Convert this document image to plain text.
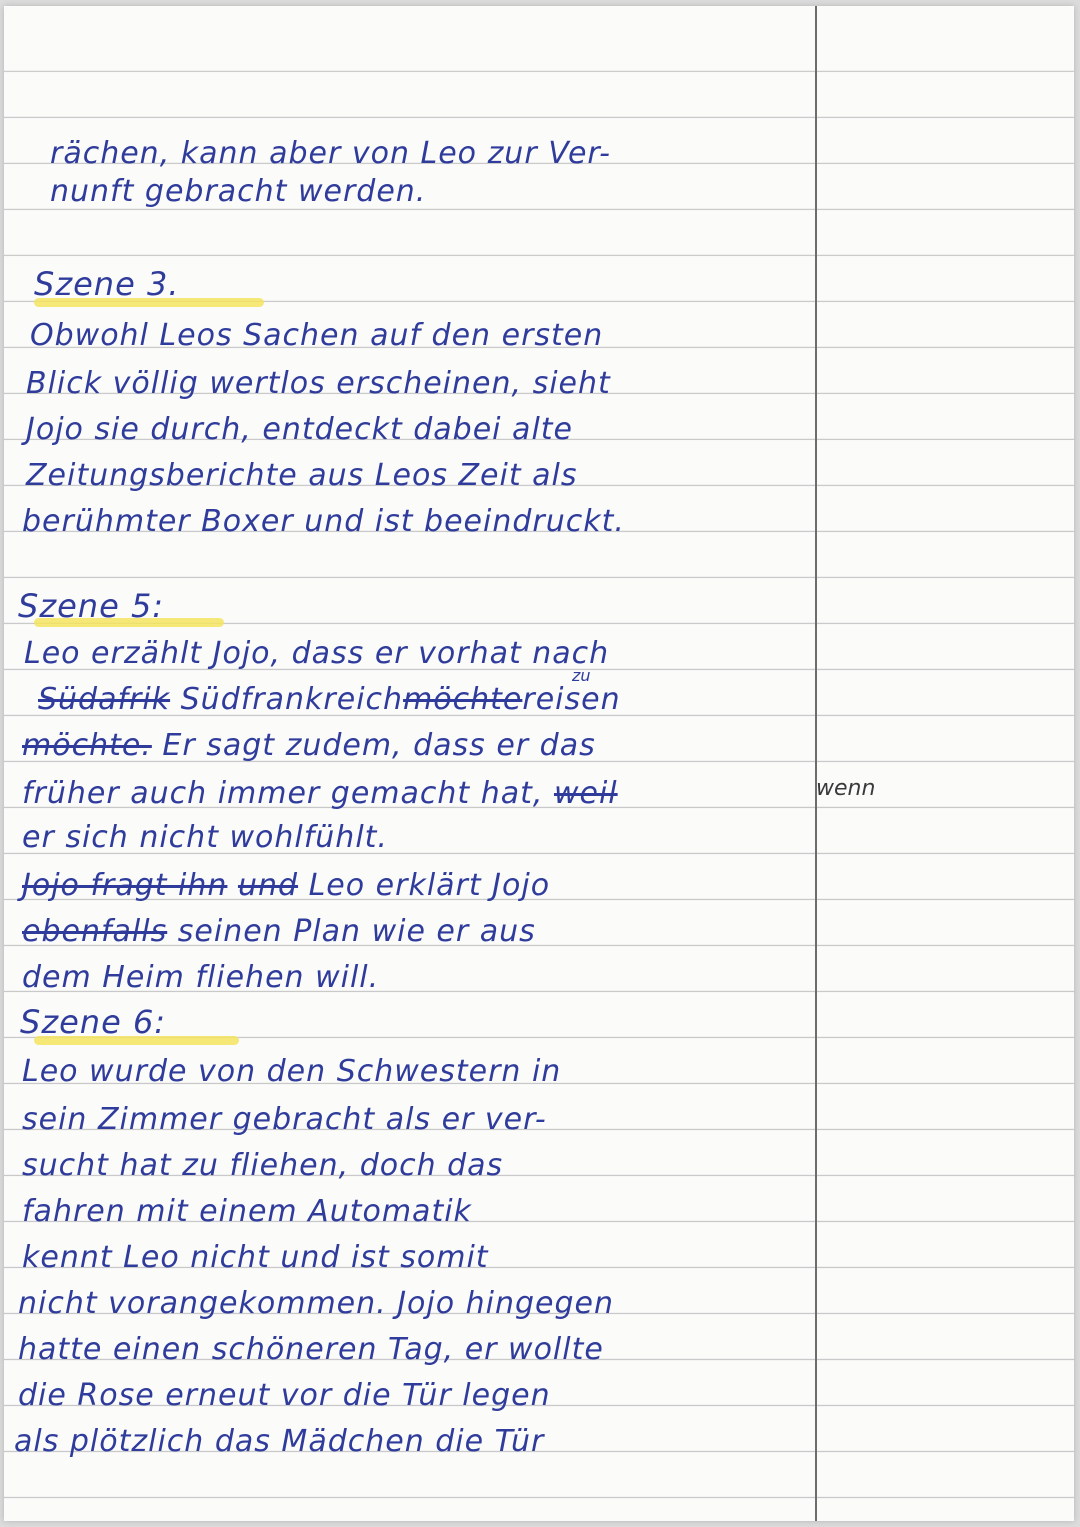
rächen, kann aber von Leo zur Ver-
nunft gebracht werden.
Szene 3.
Obwohl Leos Sachen auf den ersten
Blick völlig wertlos erscheinen, sieht
Jojo sie durch, entdeckt dabei alte
Zeitungsberichte aus Leos Zeit als
berühmter Boxer und ist beeindruckt.
Szene 5:
Leo erzählt Jojo, dass er vorhat nach
Südafrik Südfrankreichmöchtereisen
zu
möchte. Er sagt zudem, dass er das
früher auch immer gemacht hat, weil	wenn
er sich nicht wohlfühlt.
Jojo fragt ihn und Leo erklärt Jojo
ebenfalls seinen Plan wie er aus
dem Heim fliehen will.
Szene 6:
Leo wurde von den Schwestern in
sein Zimmer gebracht als er ver-
sucht hat zu fliehen, doch das
fahren mit einem Automatik
kennt Leo nicht und ist somit
nicht vorangekommen. Jojo hingegen
hatte einen schöneren Tag, er wollte
die Rose erneut vor die Tür legen
als plötzlich das Mädchen die Tür
